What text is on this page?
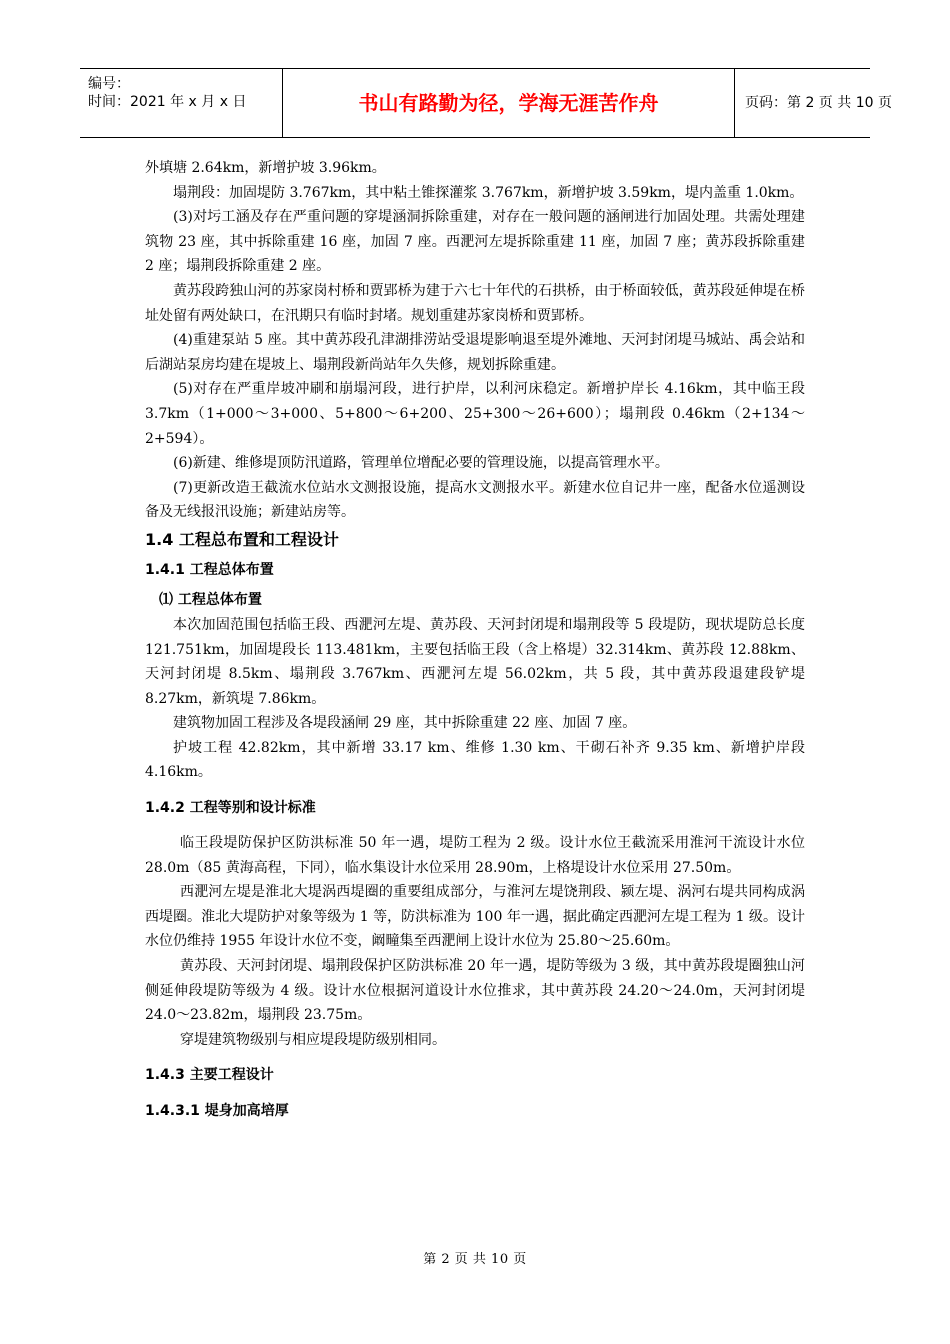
编号：
时间：2021 年 x 月 x 日	书山有路勤为径，学海无涯苦作舟	页码：第 2 页 共 10 页

外填塘 2.64km，新增护坡 3.96km。

塌荆段：加固堤防 3.767km，其中粘土锥探灌浆 3.767km，新增护坡 3.59km，堤内盖重 1.0km。

(3)对圬工涵及存在严重问题的穿堤涵洞拆除重建，对存在一般问题的涵闸进行加固处理。共需处理建筑物 23 座，其中拆除重建 16 座，加固 7 座。西淝河左堤拆除重建 11 座，加固 7 座；黄苏段拆除重建 2 座；塌荆段拆除重建 2 座。

黄苏段跨独山河的苏家岗村桥和贾郢桥为建于六七十年代的石拱桥，由于桥面较低，黄苏段延伸堤在桥址处留有两处缺口，在汛期只有临时封堵。规划重建苏家岗桥和贾郢桥。

(4)重建泵站 5 座。其中黄苏段孔津湖排涝站受退堤影响退至堤外滩地、天河封闭堤马城站、禹会站和后湖站泵房均建在堤坡上、塌荆段新尚站年久失修，规划拆除重建。

(5)对存在严重岸坡冲刷和崩塌河段，进行护岸，以利河床稳定。新增护岸长 4.16km，其中临王段 3.7km（1+000～3+000、5+800～6+200、25+300～26+600）；塌荆段 0.46km（2+134～2+594）。

(6)新建、维修堤顶防汛道路，管理单位增配必要的管理设施，以提高管理水平。

(7)更新改造王截流水位站水文测报设施，提高水文测报水平。新建水位自记井一座，配备水位遥测设备及无线报汛设施；新建站房等。

1.4 工程总布置和工程设计
1.4.1 工程总体布置

⑴ 工程总体布置

本次加固范围包括临王段、西淝河左堤、黄苏段、天河封闭堤和塌荆段等 5 段堤防，现状堤防总长度 121.751km，加固堤段长 113.481km，主要包括临王段（含上格堤）32.314km、黄苏段 12.88km、天河封闭堤 8.5km、塌荆段 3.767km、西淝河左堤 56.02km，共 5 段，其中黄苏段退建段铲堤 8.27km，新筑堤 7.86km。

建筑物加固工程涉及各堤段涵闸 29 座，其中拆除重建 22 座、加固 7 座。

护坡工程 42.82km，其中新增 33.17 km、维修 1.30 km、干砌石补齐 9.35 km、新增护岸段 4.16km。

1.4.2 工程等别和设计标准

临王段堤防保护区防洪标准 50 年一遇，堤防工程为 2 级。设计水位王截流采用淮河干流设计水位 28.0m（85 黄海高程，下同），临水集设计水位采用 28.90m，上格堤设计水位采用 27.50m。

西淝河左堤是淮北大堤涡西堤圈的重要组成部分，与淮河左堤饶荆段、颍左堤、涡河右堤共同构成涡西堤圈。淮北大堤防护对象等级为 1 等，防洪标准为 100 年一遇，据此确定西淝河左堤工程为 1 级。设计水位仍维持 1955 年设计水位不变，阚疃集至西淝闸上设计水位为 25.80～25.60m。

黄苏段、天河封闭堤、塌荆段保护区防洪标准 20 年一遇，堤防等级为 3 级，其中黄苏段堤圈独山河侧延伸段堤防等级为 4 级。设计水位根据河道设计水位推求，其中黄苏段 24.20～24.0m，天河封闭堤 24.0～23.82m，塌荆段 23.75m。

穿堤建筑物级别与相应堤段堤防级别相同。

1.4.3 主要工程设计
1.4.3.1 堤身加高培厚
第 2 页 共 10 页
